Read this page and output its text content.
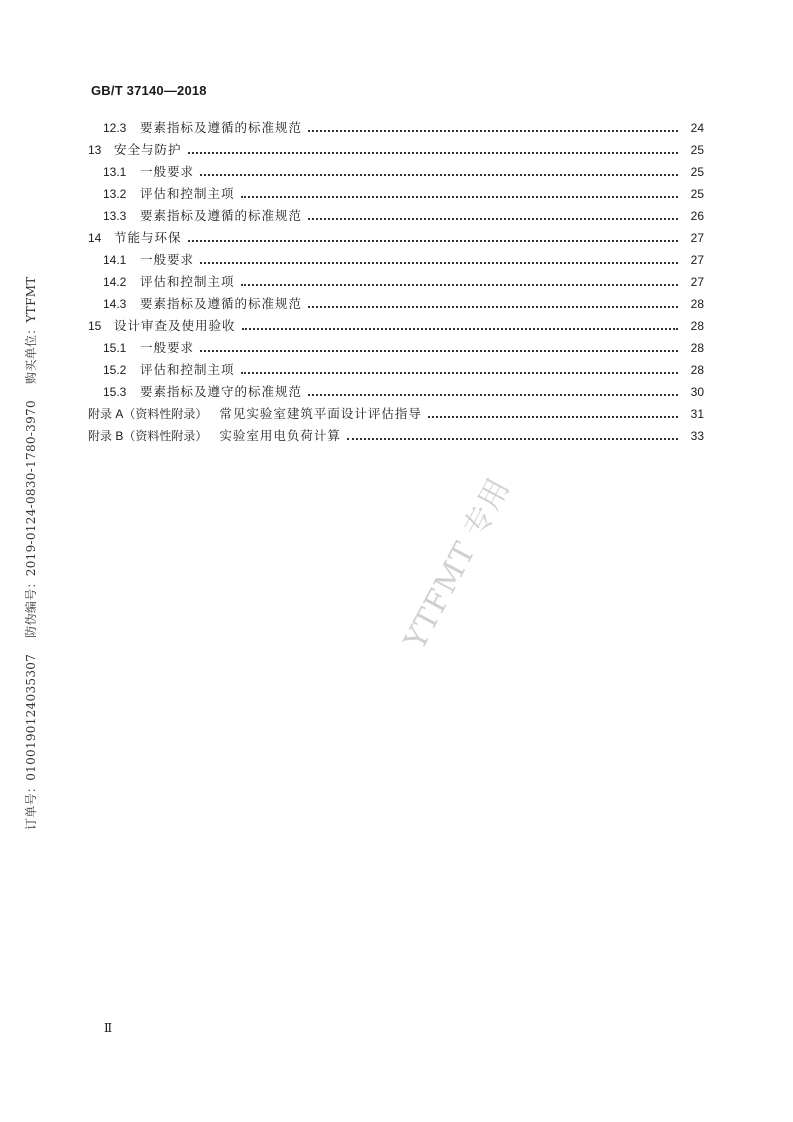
GB/T 37140—2018
12.3	要素指标及遵循的标准规范	24
13	安全与防护	25
13.1	一般要求	25
13.2	评估和控制主项	25
13.3	要素指标及遵循的标准规范	26
14	节能与环保	27
14.1	一般要求	27
14.2	评估和控制主项	27
14.3	要素指标及遵循的标准规范	28
15	设计审查及使用验收	28
15.1	一般要求	28
15.2	评估和控制主项	28
15.3	要素指标及遵守的标准规范	30
附录 A（资料性附录） 常见实验室建筑平面设计评估指导	31
附录 B（资料性附录） 实验室用电负荷计算	33
订单号：0100190124035307 防伪编号：2019-0124-0830-1780-3970 购买单位：YTFMT
YTFMT 专用
Ⅱ
